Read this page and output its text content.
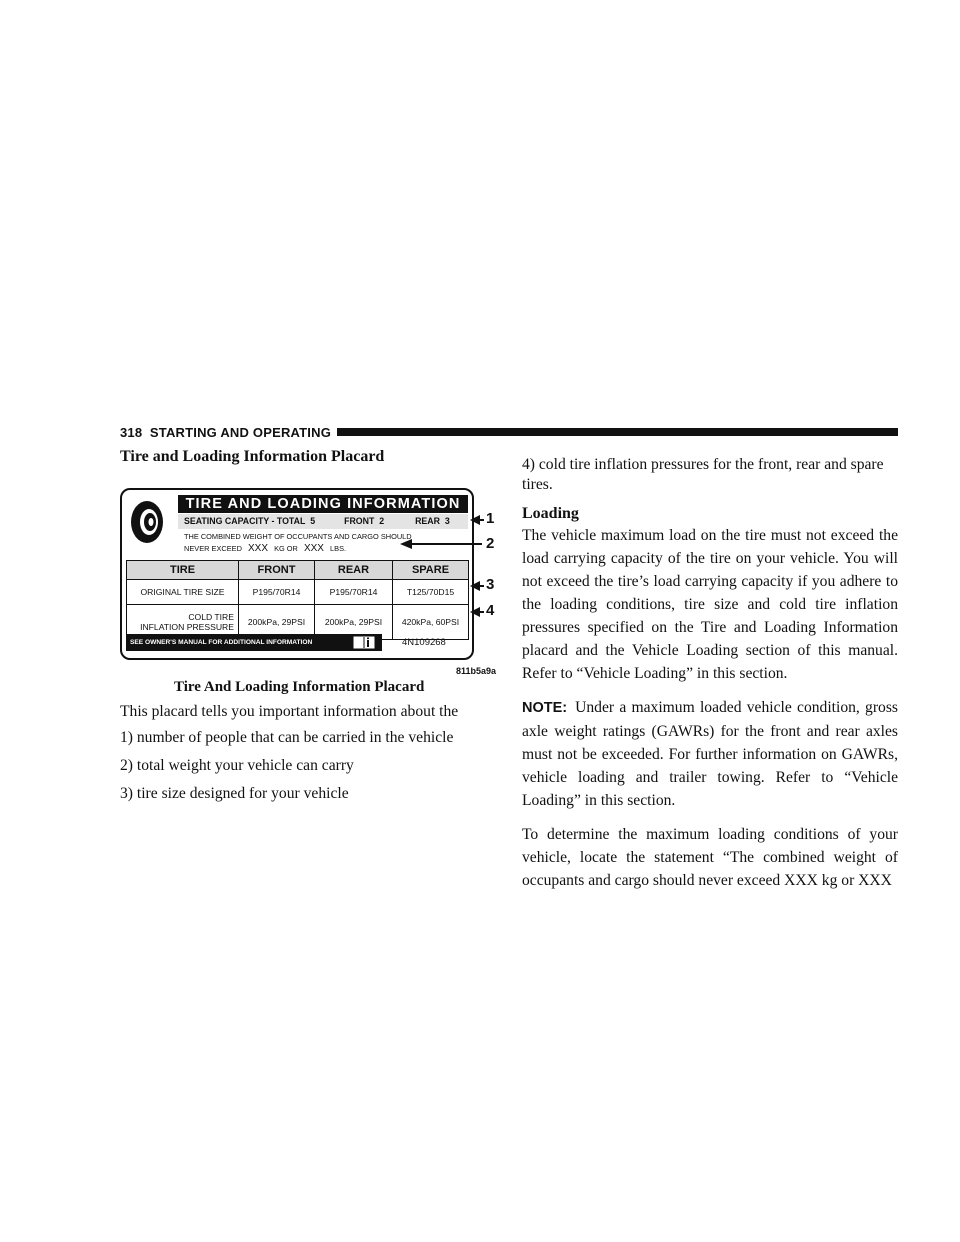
318 STARTING AND OPERATING
Tire and Loading Information Placard
TIRE AND LOADING INFORMATION
SEATING CAPACITY - TOTAL 5	FRONT 2	REAR 3
THE COMBINED WEIGHT OF OCCUPANTS AND CARGO SHOULD
NEVER EXCEED XXX KG OR XXX LBS.
TIRE	FRONT	REAR	SPARE
ORIGINAL TIRE SIZE	P195/70R14	P195/70R14	T125/70D15
COLD TIRE
INFLATION PRESSURE	200kPa, 29PSI	200kPa, 29PSI	420kPa, 60PSI
SEE OWNER'S MANUAL FOR ADDITIONAL INFORMATION	4N109268
1
2
3
4
811b5a9a
Tire And Loading Information Placard

This placard tells you important information about the

1) number of people that can be carried in the vehicle
2) total weight your vehicle can carry
3) tire size designed for your vehicle

4) cold tire inflation pressures for the front, rear and spare tires.

Loading

The vehicle maximum load on the tire must not exceed the load carrying capacity of the tire on your vehicle. You will not exceed the tire’s load carrying capacity if you adhere to the loading conditions, tire size and cold tire inflation pressures specified on the Tire and Loading Information placard and the Vehicle Loading section of this manual. Refer to “Vehicle Loading” in this section.

NOTE: Under a maximum loaded vehicle condition, gross axle weight ratings (GAWRs) for the front and rear axles must not be exceeded. For further information on GAWRs, vehicle loading and trailer towing. Refer to “Vehicle Loading” in this section.

To determine the maximum loading conditions of your vehicle, locate the statement “The combined weight of occupants and cargo should never exceed XXX kg or XXX
